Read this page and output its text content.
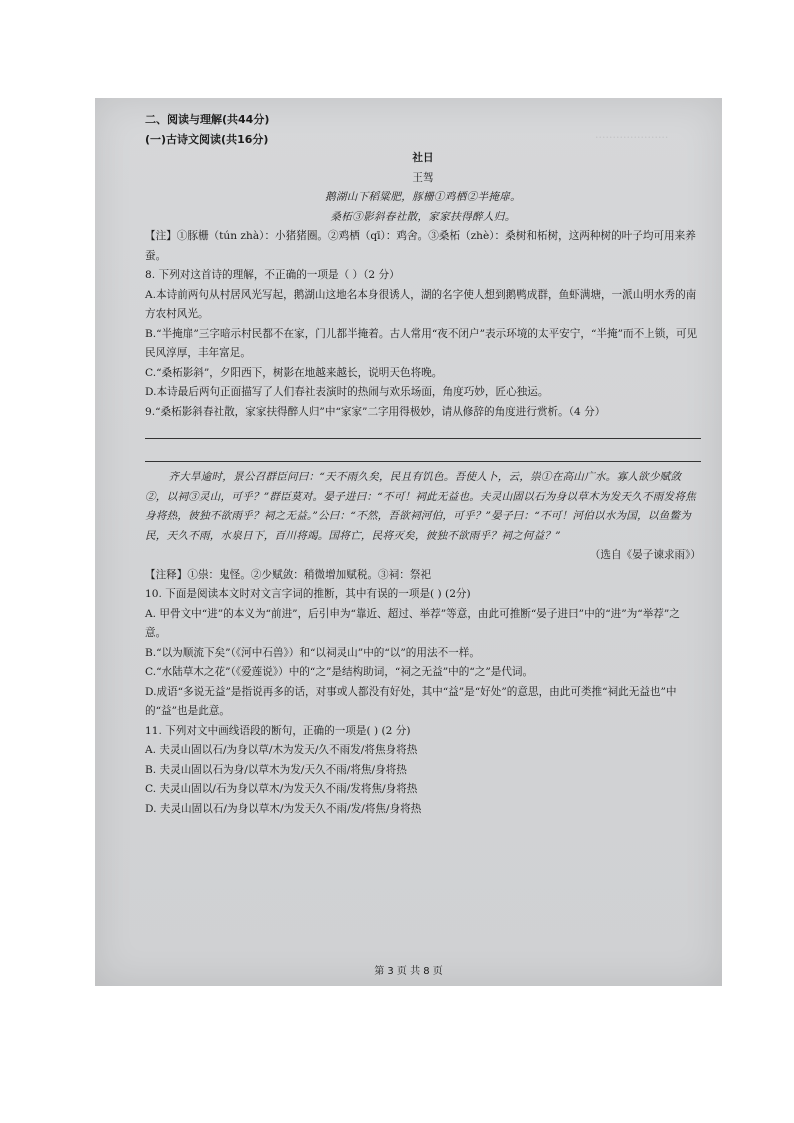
·····················

二、阅读与理解(共44分)

(一)古诗文阅读(共16分)

社日

王驾

鹅湖山下稻粱肥，豚栅①鸡栖②半掩扉。

桑柘③影斜春社散，家家扶得醉人归。

【注】①豚栅（tún zhà）：小猪猪圈。②鸡栖（qī）：鸡舍。③桑柘（zhè）：桑树和柘树，这两种树的叶子均可用来养蚕。

8. 下列对这首诗的理解，不正确的一项是（ ）（2 分）

A.本诗前两句从村居风光写起，鹅湖山这地名本身很诱人，湖的名字使人想到鹅鸭成群，鱼虾满塘，一派山明水秀的南方农村风光。

B.“半掩扉”三字暗示村民都不在家，门儿都半掩着。古人常用“夜不闭户”表示环境的太平安宁，“半掩”而不上锁，可见民风淳厚，丰年富足。

C.“桑柘影斜”，夕阳西下，树影在地越来越长，说明天色将晚。

D.本诗最后两句正面描写了人们春社表演时的热闹与欢乐场面，角度巧妙，匠心独运。

9.“桑柘影斜春社散，家家扶得醉人归”中“家家”二字用得极妙，请从修辞的角度进行赏析。（4 分）

齐大旱逾时，景公召群臣问曰：“天不雨久矣，民且有饥色。吾使人卜，云，祟①在高山广水。寡人欲少赋敛②，以祠③灵山，可乎？”群臣莫对。晏子进曰：“不可！祠此无益也。夫灵山固以石为身以草木为发天久不雨发将焦身将热，彼独不欲雨乎？祠之无益。”公曰：“不然，吾欲祠河伯，可乎？”晏子曰：“不可！河伯以水为国，以鱼鳖为民，天久不雨，水泉日下，百川将竭。国将亡，民将灭矣，彼独不欲雨乎？祠之何益？”

（选自《晏子谏求雨》）

【注释】①祟：鬼怪。②少赋敛：稍微增加赋税。③祠：祭祀

10. 下面是阅读本文时对文言字词的推断，其中有误的一项是( ) (2分)

A. 甲骨文中“进”的本义为“前进”，后引申为“靠近、超过、举荐”等意，由此可推断“晏子进曰”中的“进”为“举荐”之意。

B.“以为顺流下矣”（《河中石兽》）和“以祠灵山”中的“以”的用法不一样。

C.“水陆草木之花”（《爱莲说》）中的“之”是结构助词，“祠之无益”中的“之”是代词。

D.成语“多说无益”是指说再多的话，对事或人都没有好处，其中“益”是“好处”的意思，由此可类推“祠此无益也”中的“益”也是此意。

11. 下列对文中画线语段的断句，正确的一项是( ) (2 分)

A. 夫灵山固以石/为身以草/木为发天/久不雨发/将焦身将热

B. 夫灵山固以石为身/以草木为发/天久不雨/将焦/身将热

C. 夫灵山固以/石为身以草木/为发天久不雨/发将焦/身将热

D. 夫灵山固以石/为身以草木/为发天久不雨/发/将焦/身将热

第 3 页 共 8 页
